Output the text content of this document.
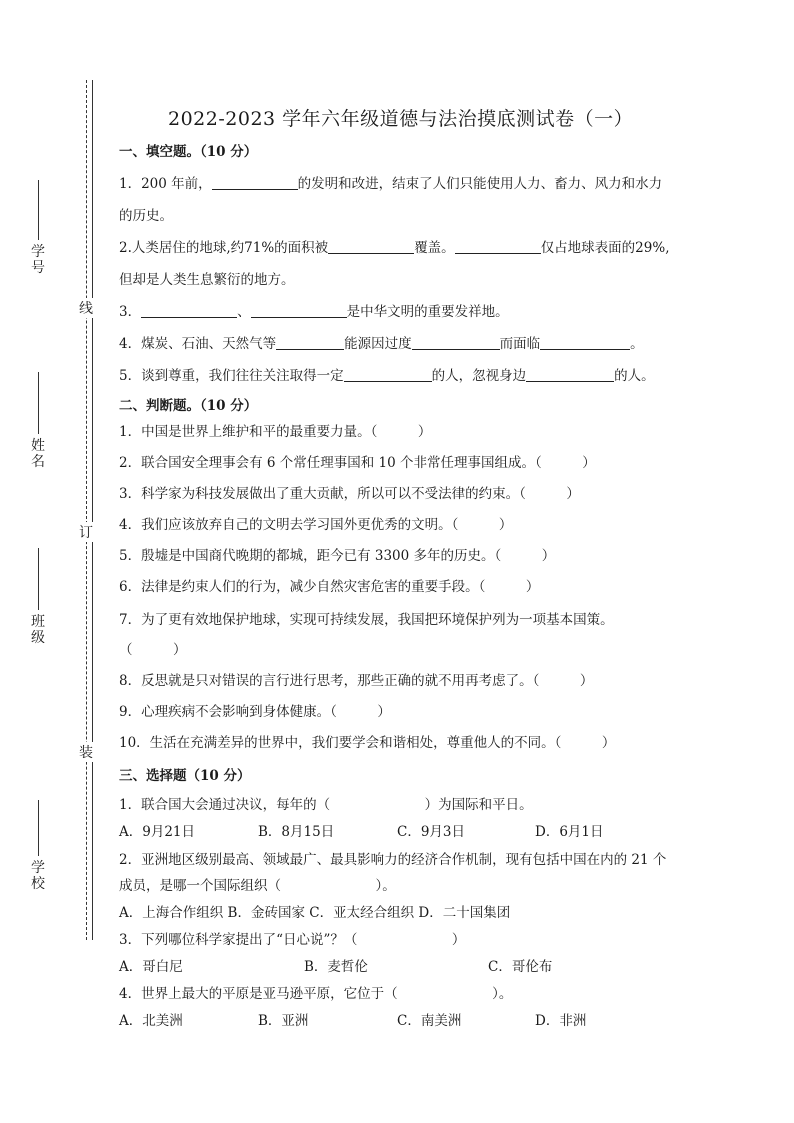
学号
姓名
班级
学校
线
订
装
2022-2023 学年六年级道德与法治摸底测试卷（一）
一、填空题。（10 分）
1．200 年前，	的发明和改进，结束了人们只能使用人力、畜力、风力和水力
的历史。
2.人类居住的地球,约71%的面积被	覆盖。	仅占地球表面的29%,
但却是人类生息繁衍的地方。
3．	、	是中华文明的重要发祥地。
4．煤炭、石油、天然气等	能源因过度	而面临	。
5．谈到尊重，我们往往关注取得一定	的人，忽视身边	的人。
二、判断题。（10 分）
1．中国是世界上维护和平的最重要力量。（　　　）
2．联合国安全理事会有 6 个常任理事国和 10 个非常任理事国组成。（　　　）
3．科学家为科技发展做出了重大贡献，所以可以不受法律的约束。（　　　）
4．我们应该放弃自己的文明去学习国外更优秀的文明。（　　　）
5．殷墟是中国商代晚期的都城，距今已有 3300 多年的历史。（　　　）
6．法律是约束人们的行为，减少自然灾害危害的重要手段。（　　　）
7．为了更有效地保护地球，实现可持续发展，我国把环境保护列为一项基本国策。
（　　　）
8．反思就是只对错误的言行进行思考，那些正确的就不用再考虑了。（　　　）
9．心理疾病不会影响到身体健康。（　　　）
10．生活在充满差异的世界中，我们要学会和谐相处，尊重他人的不同。（　　　）
三、选择题（10 分）
1．联合国大会通过决议，每年的（　　　　　　　）为国际和平日。
A．9月21日	B．8月15日	C．9月3日	D．6月1日
2．亚洲地区级别最高、领域最广、最具影响力的经济合作机制，现有包括中国在内的 21 个
成员，是哪一个国际组织（　　　　　　　）。
A．上海合作组织 B．金砖国家 C．亚太经合组织 D．二十国集团
3．下列哪位科学家提出了“日心说”？（　　　　　　　）
A．哥白尼	B．麦哲伦	C．哥伦布
4．世界上最大的平原是亚马逊平原，它位于（　　　　　　　）。
A．北美洲	B．亚洲	C．南美洲	D．非洲
